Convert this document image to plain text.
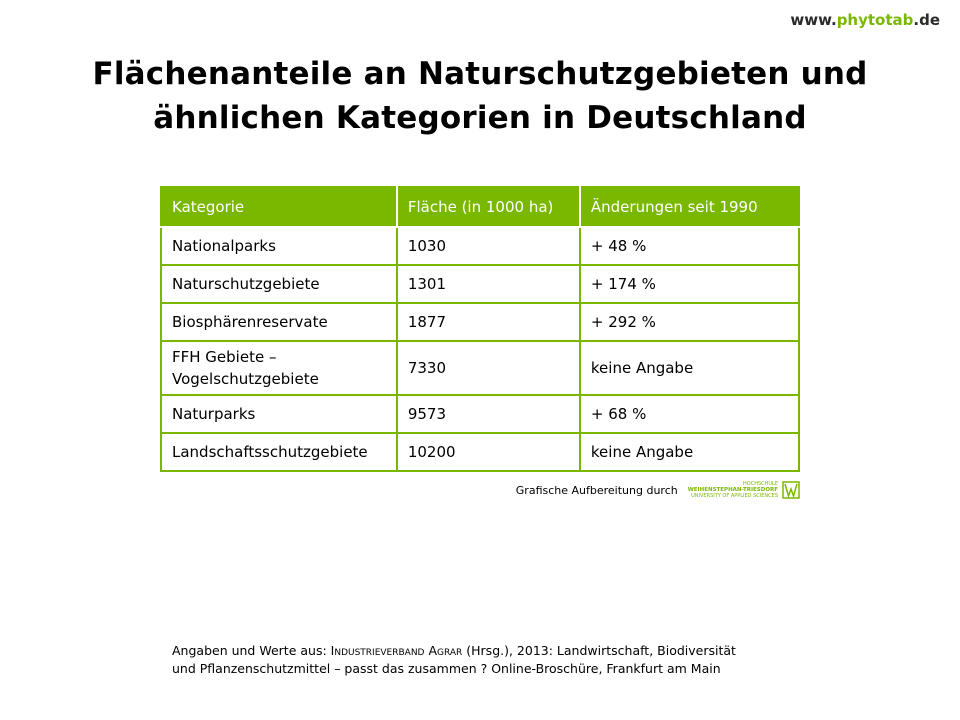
www.phytotab.de
Flächenanteile an Naturschutzgebieten und
ähnlichen Kategorien in Deutschland
Kategorie	Fläche (in 1000 ha)	Änderungen seit 1990
Nationalparks	1030	+ 48 %
Naturschutzgebiete	1301	+ 174 %
Biosphärenreservate	1877	+ 292 %
FFH Gebiete –
Vogelschutzgebiete	7330	keine Angabe
Naturparks	9573	+ 68 %
Landschaftsschutzgebiete	10200	keine Angabe
Grafische Aufbereitung durch	HOCHSCHULE
WEIHENSTEPHAN-TRIESDORF
UNIVERSITY OF APPLIED SCIENCES

Angaben und Werte aus: Industrieverband Agrar (Hrsg.), 2013: Landwirtschaft, Biodiversität

und Pflanzenschutzmittel – passt das zusammen ? Online-Broschüre, Frankfurt am Main
